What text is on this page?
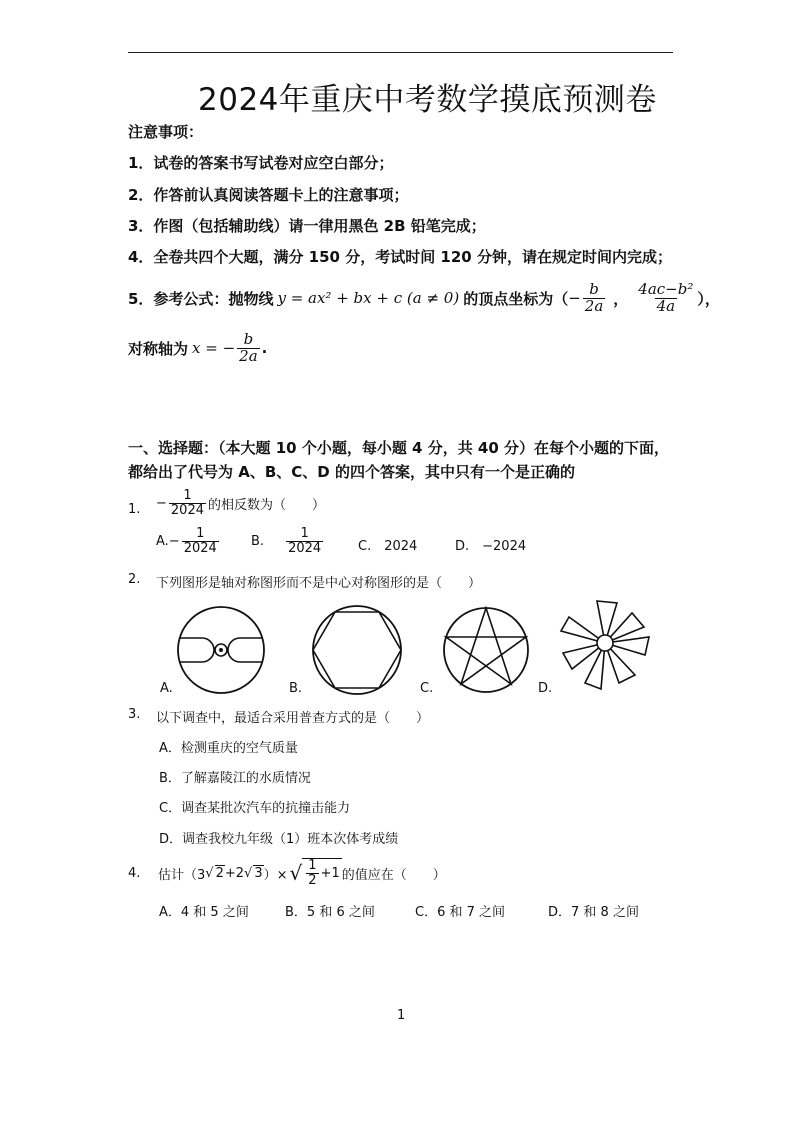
2024年重庆中考数学摸底预测卷
注意事项：
1．试卷的答案书写试卷对应空白部分；
2．作答前认真阅读答题卡上的注意事项；
3．作图（包括辅助线）请一律用黑色 2B 铅笔完成；
4．全卷共四个大题，满分 150 分，考试时间 120 分钟，请在规定时间内完成；
5．参考公式：抛物线 y = ax² + bx + c (a ≠ 0) 的顶点坐标为（ − $\frac{b}{2a}$ ， $\frac{\text{4ac−b²}}{4a}$ ），
对称轴为 x = − $\frac{b}{2a}$ .
一、选择题：（本大题 10 个小题，每小题 4 分，共 40 分）在每个小题的下面，
都给出了代号为 A、B、C、D 的四个答案，其中只有一个是正确的
1. − $\frac{1}{2024}$ 的相反数为（　　）
A. − $\frac{1}{2024} B$. $\frac{1}{2024}$	C.　2024	D.　−2024
2. 下列图形是轴对称图形而不是中心对称图形的是（　　）
A.	B.	C.	D.
3. 以下调查中，最适合采用普查方式的是（　　）
A．检测重庆的空气质量
B．了解嘉陵江的水质情况
C．调查某批次汽车的抗撞击能力
D．调查我校九年级（1）班本次体考成绩
4. 估计（3 √ 2 +2 √ 3 ）× √ $\frac{1}{2} +1$ 的值应在（　　）
A．4 和 5 之间	B．5 和 6 之间	C．6 和 7 之间	D．7 和 8 之间
1
